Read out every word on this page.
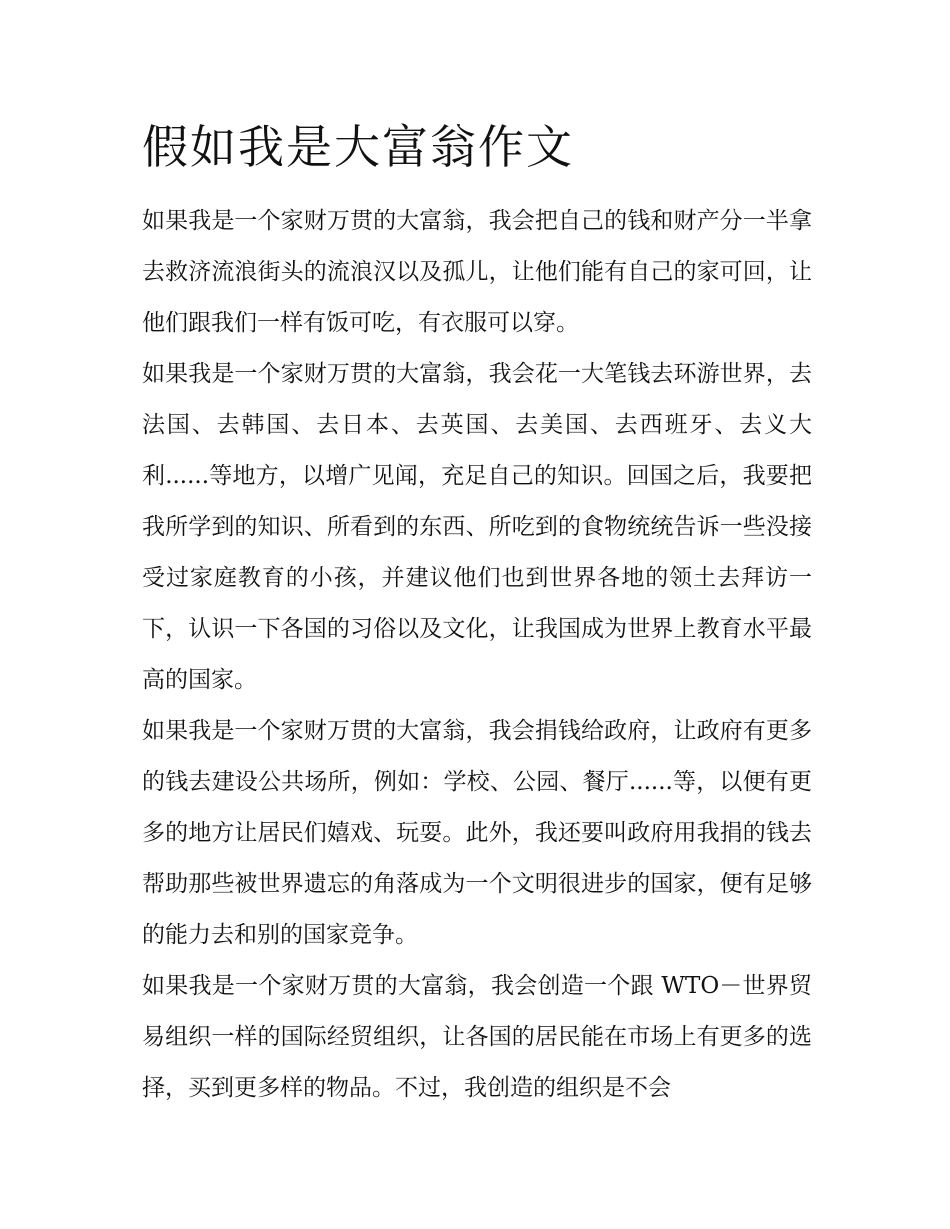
假如我是大富翁作文

如果我是一个家财万贯的大富翁，我会把自己的钱和财产分一半拿去救济流浪街头的流浪汉以及孤儿，让他们能有自己的家可回，让他们跟我们一样有饭可吃，有衣服可以穿。

如果我是一个家财万贯的大富翁，我会花一大笔钱去环游世界，去法国、去韩国、去日本、去英国、去美国、去西班牙、去义大利......等地方，以增广见闻，充足自己的知识。回国之后，我要把我所学到的知识、所看到的东西、所吃到的食物统统告诉一些没接受过家庭教育的小孩，并建议他们也到世界各地的领土去拜访一下，认识一下各国的习俗以及文化，让我国成为世界上教育水平最高的国家。

如果我是一个家财万贯的大富翁，我会捐钱给政府，让政府有更多的钱去建设公共场所，例如：学校、公园、餐厅......等，以便有更多的地方让居民们嬉戏、玩耍。此外，我还要叫政府用我捐的钱去帮助那些被世界遗忘的角落成为一个文明很进步的国家，便有足够的能力去和别的国家竞争。

如果我是一个家财万贯的大富翁，我会创造一个跟 WTO－世界贸易组织一样的国际经贸组织，让各国的居民能在市场上有更多的选择，买到更多样的物品。不过，我创造的组织是不会
